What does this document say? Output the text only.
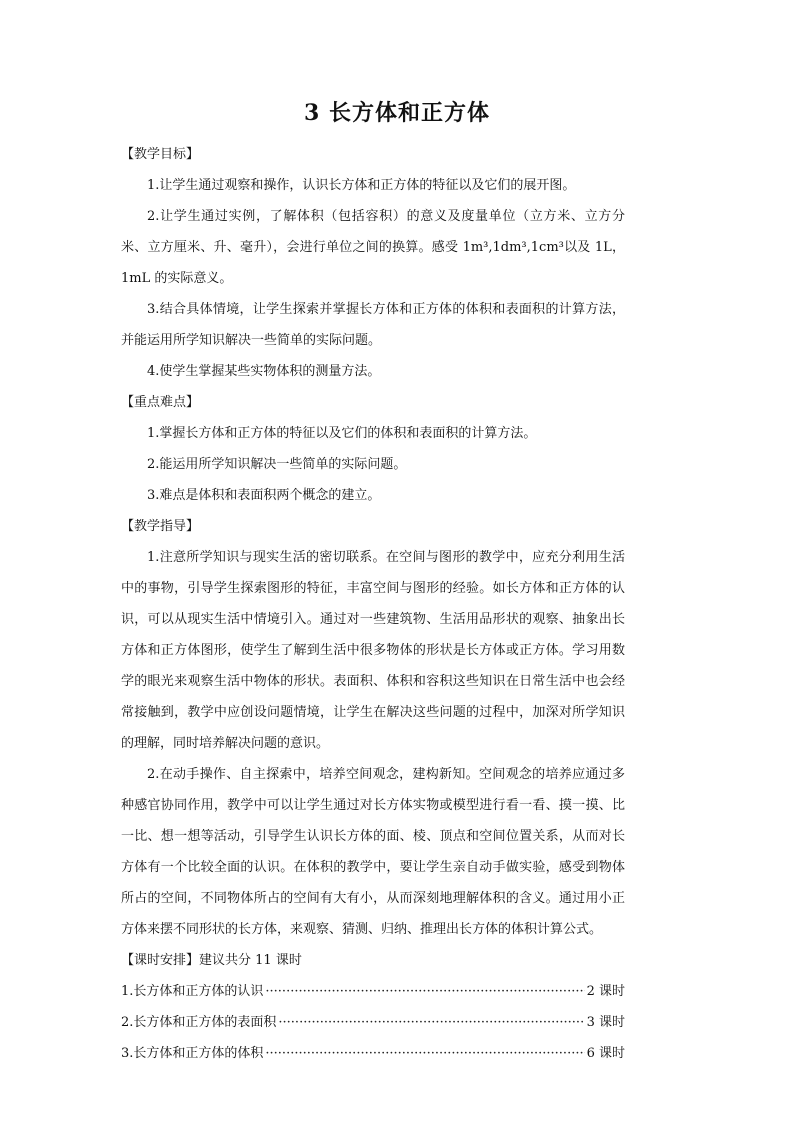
3 长方体和正方体

【教学目标】

1.让学生通过观察和操作，认识长方体和正方体的特征以及它们的展开图。

2.让学生通过实例，了解体积（包括容积）的意义及度量单位（立方米、立方分米、立方厘米、升、毫升），会进行单位之间的换算。感受 1m³,1dm³,1cm³以及 1L，1mL 的实际意义。

3.结合具体情境，让学生探索并掌握长方体和正方体的体积和表面积的计算方法，并能运用所学知识解决一些简单的实际问题。

4.使学生掌握某些实物体积的测量方法。

【重点难点】

1.掌握长方体和正方体的特征以及它们的体积和表面积的计算方法。

2.能运用所学知识解决一些简单的实际问题。

3.难点是体积和表面积两个概念的建立。

【教学指导】

1.注意所学知识与现实生活的密切联系。在空间与图形的教学中，应充分利用生活中的事物，引导学生探索图形的特征，丰富空间与图形的经验。如长方体和正方体的认识，可以从现实生活中情境引入。通过对一些建筑物、生活用品形状的观察、抽象出长方体和正方体图形，使学生了解到生活中很多物体的形状是长方体或正方体。学习用数学的眼光来观察生活中物体的形状。表面积、体积和容积这些知识在日常生活中也会经常接触到，教学中应创设问题情境，让学生在解决这些问题的过程中，加深对所学知识的理解，同时培养解决问题的意识。

2.在动手操作、自主探索中，培养空间观念，建构新知。空间观念的培养应通过多种感官协同作用，教学中可以让学生通过对长方体实物或模型进行看一看、摸一摸、比一比、想一想等活动，引导学生认识长方体的面、棱、顶点和空间位置关系，从而对长方体有一个比较全面的认识。在体积的教学中，要让学生亲自动手做实验，感受到物体所占的空间，不同物体所占的空间有大有小，从而深刻地理解体积的含义。通过用小正方体来摆不同形状的长方体，来观察、猜测、归纳、推理出长方体的体积计算公式。

【课时安排】建议共分 11 课时

1.长方体和正方体的认识 ·····	2 课时
2.长方体和正方体的表面积 ·····	3 课时
3.长方体和正方体的体积 ·····	6 课时
